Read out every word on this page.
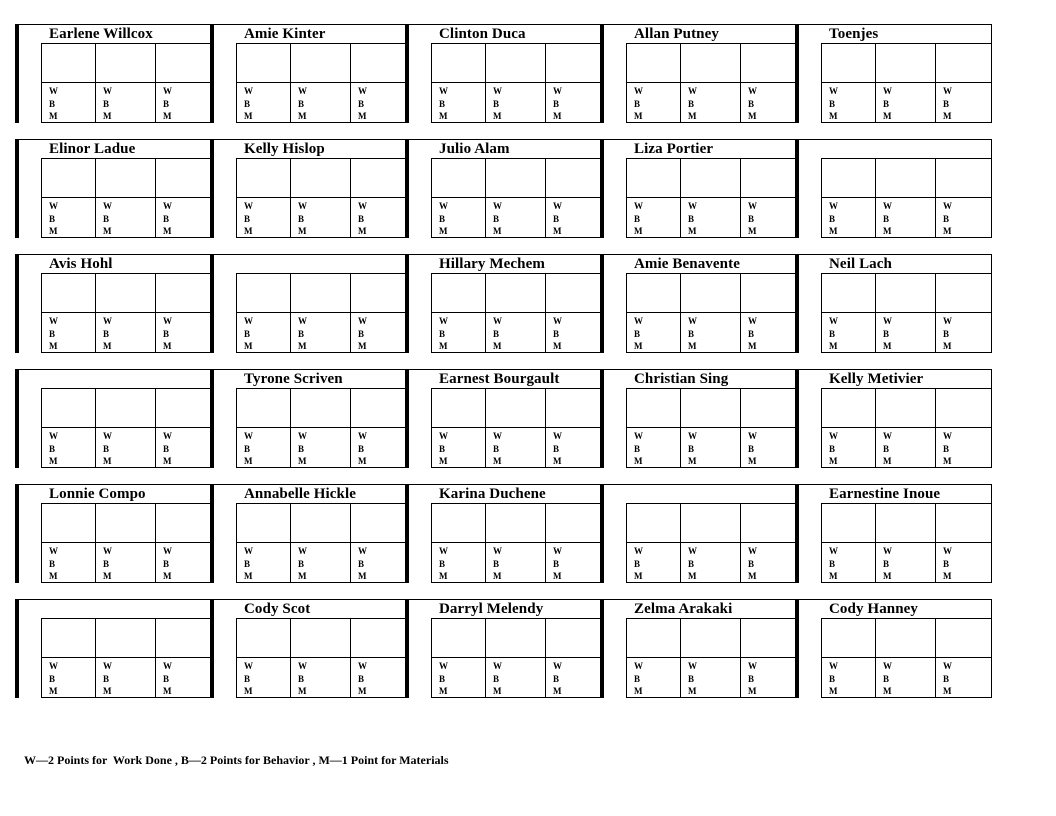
Earlene Willcox
W
B
M
W
B
M
W
B
M
Amie Kinter
W
B
M
W
B
M
W
B
M
Clinton Duca
W
B
M
W
B
M
W
B
M
Allan Putney
W
B
M
W
B
M
W
B
M
Toenjes
W
B
M
W
B
M
W
B
M
Elinor Ladue
W
B
M
W
B
M
W
B
M
Kelly Hislop
W
B
M
W
B
M
W
B
M
Julio Alam
W
B
M
W
B
M
W
B
M
Liza Portier
W
B
M
W
B
M
W
B
M
W
B
M
W
B
M
W
B
M
Avis Hohl
W
B
M
W
B
M
W
B
M
W
B
M
W
B
M
W
B
M
Hillary Mechem
W
B
M
W
B
M
W
B
M
Amie Benavente
W
B
M
W
B
M
W
B
M
Neil Lach
W
B
M
W
B
M
W
B
M
W
B
M
W
B
M
W
B
M
Tyrone Scriven
W
B
M
W
B
M
W
B
M
Earnest Bourgault
W
B
M
W
B
M
W
B
M
Christian Sing
W
B
M
W
B
M
W
B
M
Kelly Metivier
W
B
M
W
B
M
W
B
M
Lonnie Compo
W
B
M
W
B
M
W
B
M
Annabelle Hickle
W
B
M
W
B
M
W
B
M
Karina Duchene
W
B
M
W
B
M
W
B
M
W
B
M
W
B
M
W
B
M
Earnestine Inoue
W
B
M
W
B
M
W
B
M
W
B
M
W
B
M
W
B
M
Cody Scot
W
B
M
W
B
M
W
B
M
Darryl Melendy
W
B
M
W
B
M
W
B
M
Zelma Arakaki
W
B
M
W
B
M
W
B
M
Cody Hanney
W
B
M
W
B
M
W
B
M
W—2 Points for  Work Done , B—2 Points for Behavior , M—1 Point for Materials
